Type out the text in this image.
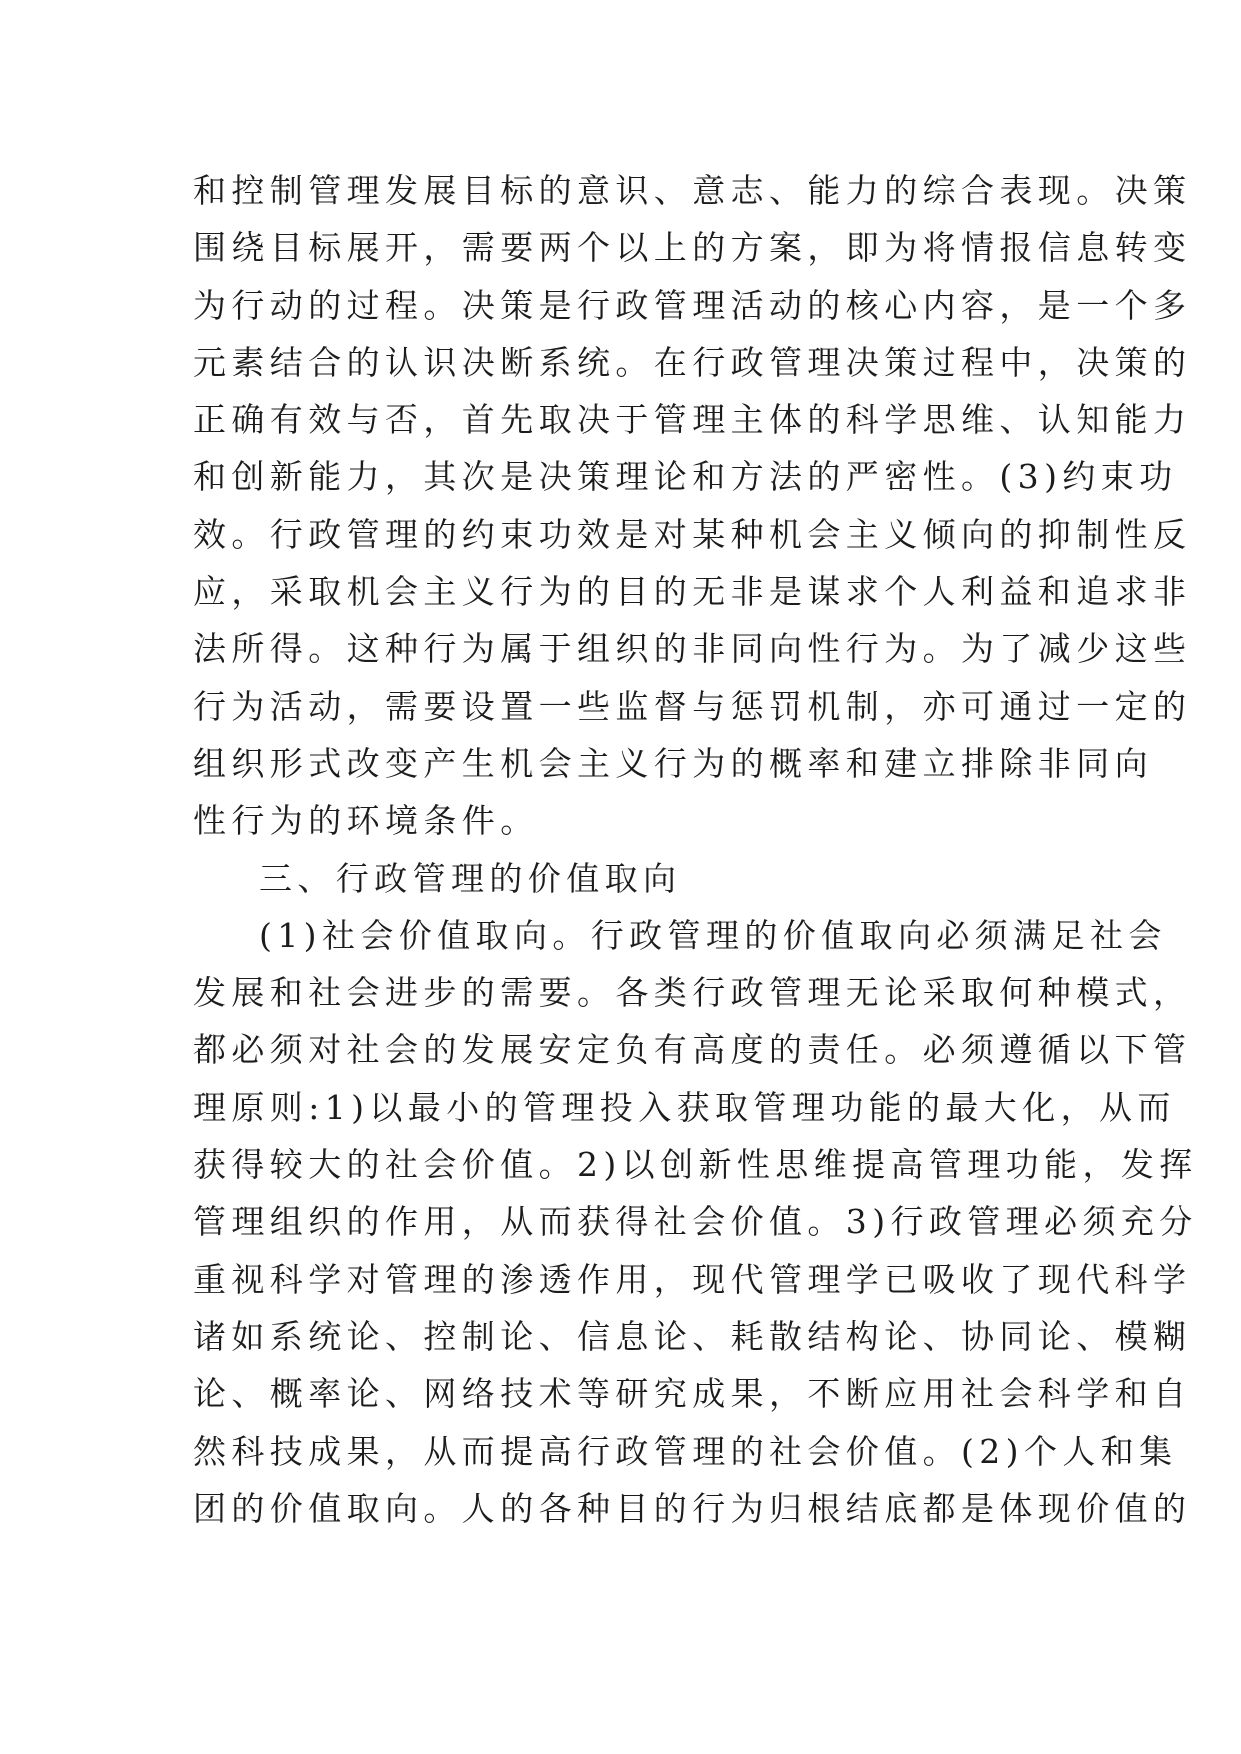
和控制管理发展目标的意识、意志、能力的综合表现。决策
围绕目标展开，需要两个以上的方案，即为将情报信息转变
为行动的过程。决策是行政管理活动的核心内容，是一个多
元素结合的认识决断系统。在行政管理决策过程中，决策的
正确有效与否，首先取决于管理主体的科学思维、认知能力
和创新能力，其次是决策理论和方法的严密性。(3)约束功
效。行政管理的约束功效是对某种机会主义倾向的抑制性反
应，采取机会主义行为的目的无非是谋求个人利益和追求非
法所得。这种行为属于组织的非同向性行为。为了减少这些
行为活动，需要设置一些监督与惩罚机制，亦可通过一定的
组织形式改变产生机会主义行为的概率和建立排除非同向
性行为的环境条件。
三、行政管理的价值取向
(1)社会价值取向。行政管理的价值取向必须满足社会
发展和社会进步的需要。各类行政管理无论采取何种模式，
都必须对社会的发展安定负有高度的责任。必须遵循以下管
理原则:1)以最小的管理投入获取管理功能的最大化，从而
获得较大的社会价值。2)以创新性思维提高管理功能，发挥
管理组织的作用，从而获得社会价值。3)行政管理必须充分
重视科学对管理的渗透作用，现代管理学已吸收了现代科学
诸如系统论、控制论、信息论、耗散结构论、协同论、模糊
论、概率论、网络技术等研究成果，不断应用社会科学和自
然科技成果，从而提高行政管理的社会价值。(2)个人和集
团的价值取向。人的各种目的行为归根结底都是体现价值的
